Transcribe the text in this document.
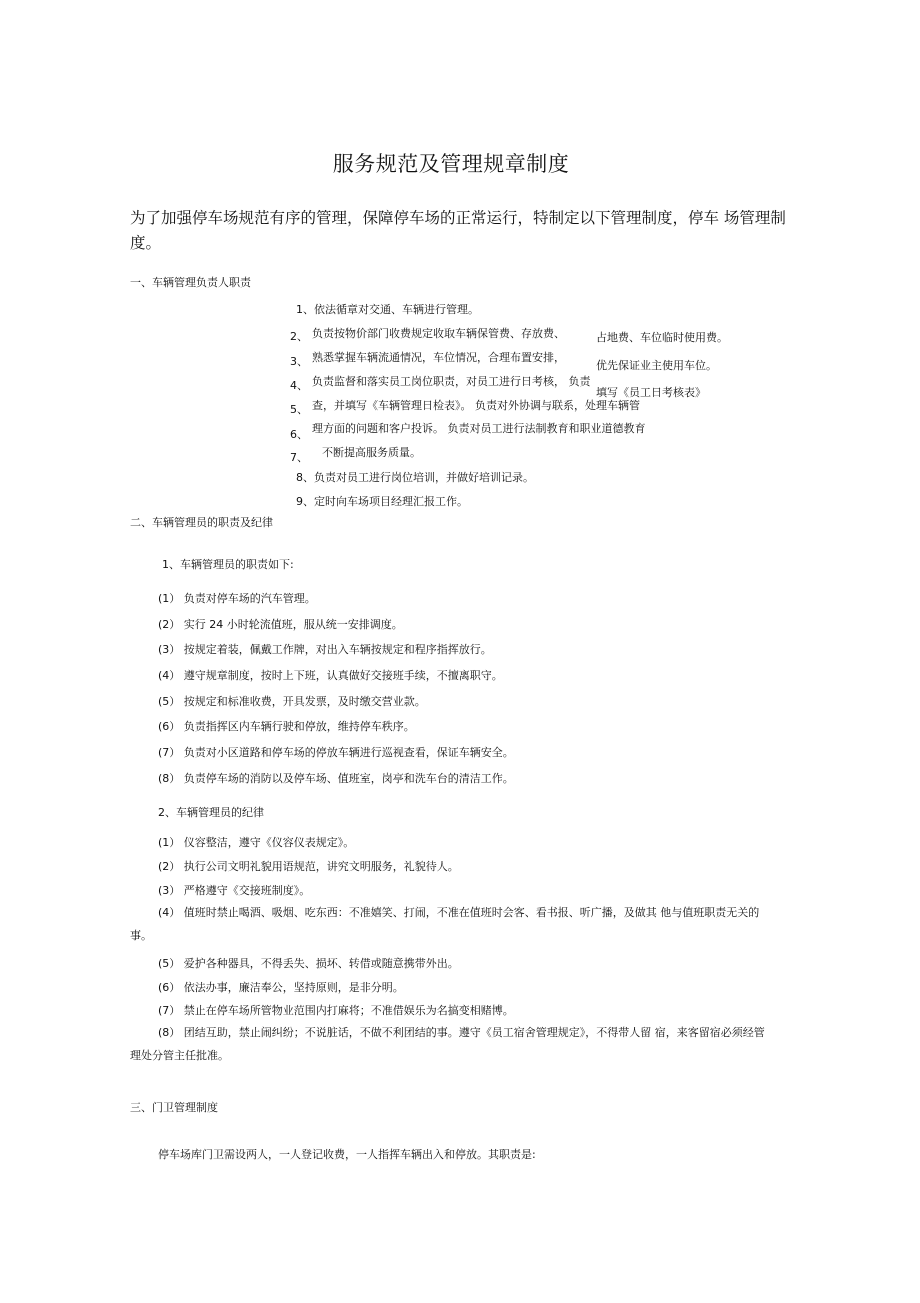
服务规范及管理规章制度
为了加强停车场规范有序的管理，保障停车场的正常运行，特制定以下管理制度，停车 场管理制度。
一、车辆管理负责人职责
1、依法循章对交通、车辆进行管理。
2、 负责按物价部门收费规定收取车辆保管费、存放费、	占地费、车位临时使用费。
3、 熟悉掌握车辆流通情况，车位情况，合理布置安排，
优先保证业主使用车位。
4、 负责监督和落实员工岗位职责，对员工进行日考核， 负责
填写《员工日考核表》
5、 查，并填写《车辆管理日检表》。 负责对外协调与联系，处理车辆管
6、 理方面的问题和客户投诉。 负责对员工进行法制教育和职业道德教育
7、 不断提高服务质量。
8、负责对员工进行岗位培训，并做好培训记录。
9、定时向车场项目经理汇报工作。
二、车辆管理员的职责及纪律
1、车辆管理员的职责如下:
(1） 负责对停车场的汽车管理。
(2） 实行 24 小时轮流值班，服从统一安排调度。
(3） 按规定着装，佩戴工作牌，对出入车辆按规定和程序指挥放行。
(4） 遵守规章制度，按时上下班，认真做好交接班手续，不擅离职守。
(5） 按规定和标准收费，开具发票，及时缴交营业款。
(6） 负责指挥区内车辆行驶和停放，维持停车秩序。
(7） 负责对小区道路和停车场的停放车辆进行巡视查看，保证车辆安全。
(8） 负责停车场的消防以及停车场、值班室，岗亭和洗车台的清洁工作。
2、车辆管理员的纪律
(1） 仪容整洁，遵守《仪容仪表规定》。
(2） 执行公司文明礼貌用语规范，讲究文明服务，礼貌待人。
(3） 严格遵守《交接班制度》。
(4） 值班时禁止喝酒、吸烟、吃东西：不准嬉笑、打闹，不准在值班时会客、看书报、听广播，及做其 他与值班职责无关的事。
(5） 爱护各种器具，不得丢失、损坏、转借或随意携带外出。
(6） 依法办事，廉洁奉公，坚持原则，是非分明。
(7） 禁止在停车场所管物业范围内打麻将；不准借娱乐为名搞变相赌博。
(8） 团结互助，禁止闹纠纷；不说脏话，不做不利团结的事。遵守《员工宿舍管理规定》，不得带人留 宿，来客留宿必须经管理处分管主任批准。
三、门卫管理制度
停车场库门卫需设两人，一人登记收费，一人指挥车辆出入和停放。其职责是:
